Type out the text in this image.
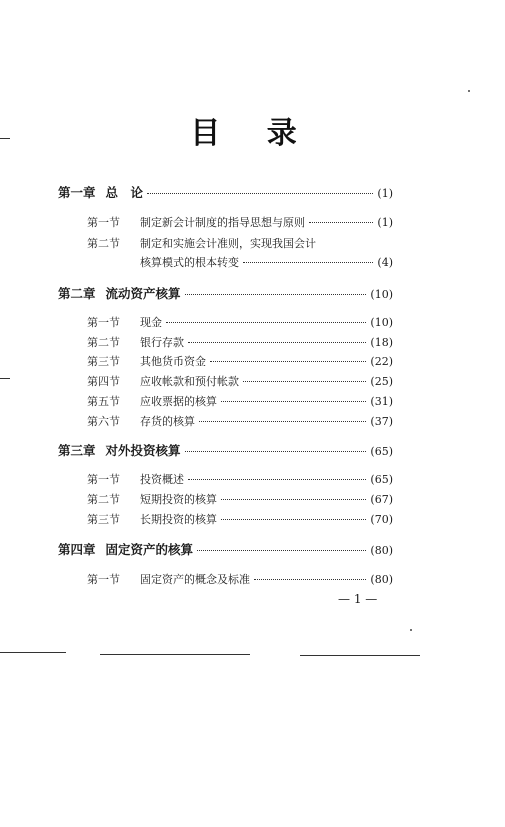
目 录
第一章 总　论	(1)
第一节	制定新会计制度的指导思想与原则	(1)
第二节	制定和实施会计准则，实现我国会计
核算模式的根本转变	(4)
第二章 流动资产核算	(10)
第一节	现金	(10)
第二节	银行存款	(18)
第三节	其他货币资金	(22)
第四节	应收帐款和预付帐款	(25)
第五节	应收票据的核算	(31)
第六节	存货的核算	(37)
第三章 对外投资核算	(65)
第一节	投资概述	(65)
第二节	短期投资的核算	(67)
第三节	长期投资的核算	(70)
第四章 固定资产的核算	(80)
第一节	固定资产的概念及标准	(80)
— 1 —
